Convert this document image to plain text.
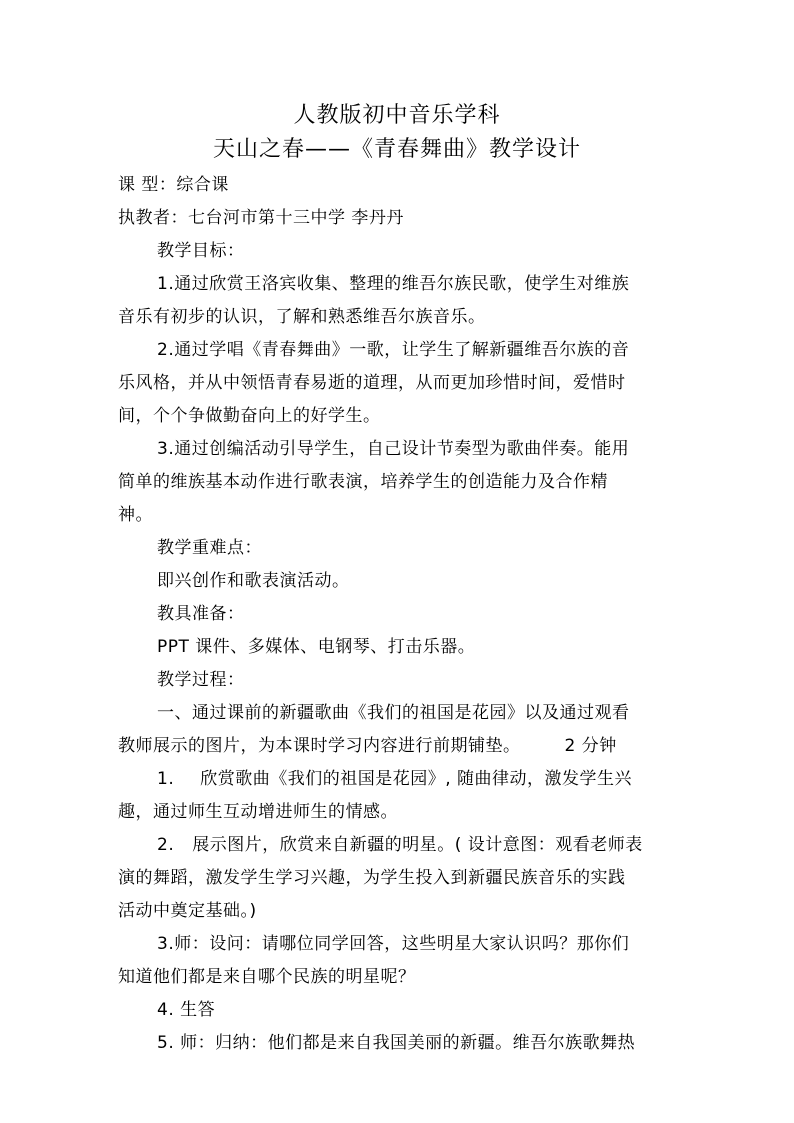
人教版初中音乐学科
天山之春——《青春舞曲》教学设计
课 型：综合课
执教者：七台河市第十三中学 李丹丹
教学目标：
1.通过欣赏王洛宾收集、整理的维吾尔族民歌，使学生对维族
音乐有初步的认识，了解和熟悉维吾尔族音乐。
2.通过学唱《青春舞曲》一歌，让学生了解新疆维吾尔族的音
乐风格，并从中领悟青春易逝的道理，从而更加珍惜时间，爱惜时
间，个个争做勤奋向上的好学生。
3.通过创编活动引导学生，自己设计节奏型为歌曲伴奏。能用
简单的维族基本动作进行歌表演，培养学生的创造能力及合作精
神。
教学重难点：
即兴创作和歌表演活动。
教具准备：
PPT 课件、多媒体、电钢琴、打击乐器。
教学过程：
一、通过课前的新疆歌曲《我们的祖国是花园》以及通过观看
教师展示的图片，为本课时学习内容进行前期铺垫。	2 分钟
1. 欣赏歌曲《我们的祖国是花园》, 随曲律动，激发学生兴
趣，通过师生互动增进师生的情感。
2. 展示图片，欣赏来自新疆的明星。( 设计意图：观看老师表
演的舞蹈，激发学生学习兴趣，为学生投入到新疆民族音乐的实践
活动中奠定基础。)
3.师：设问：请哪位同学回答，这些明星大家认识吗？那你们
知道他们都是来自哪个民族的明星呢？
4. 生答
5. 师：归纳：他们都是来自我国美丽的新疆。维吾尔族歌舞热
